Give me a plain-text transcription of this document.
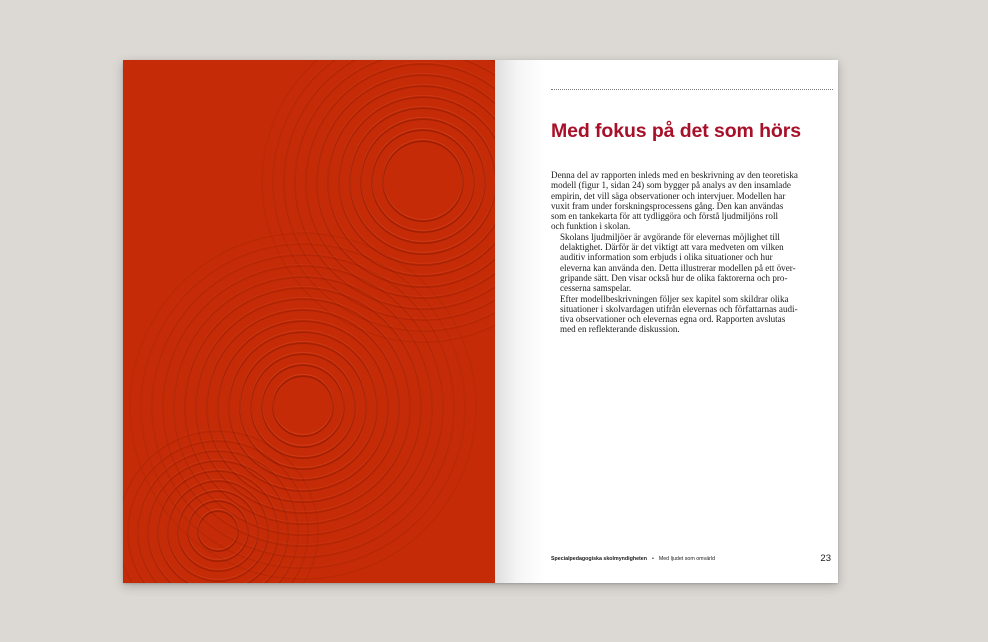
Med fokus på det som hörs

Denna del av rapporten inleds med en beskrivning av den teoretiska
modell (figur 1, sidan 24) som bygger på analys av den insamlade
empirin, det vill säga observationer och intervjuer. Modellen har
vuxit fram under forskningsprocessens gång. Den kan användas
som en tankekarta för att tydliggöra och förstå ljudmiljöns roll
och funktion i skolan.

Skolans ljudmiljöer är avgörande för elevernas möjlighet till
delaktighet. Därför är det viktigt att vara medveten om vilken
auditiv information som erbjuds i olika situationer och hur
eleverna kan använda den. Detta illustrerar modellen på ett över-
gripande sätt. Den visar också hur de olika faktorerna och pro-
cesserna samspelar.

Efter modellbeskrivningen följer sex kapitel som skildrar olika
situationer i skolvardagen utifrån elevernas och författarnas audi-
tiva observationer och elevernas egna ord. Rapporten avslutas
med en reflekterande diskussion.

Specialpedagogiska skolmyndigheten • Med ljudet som omvärld	23
